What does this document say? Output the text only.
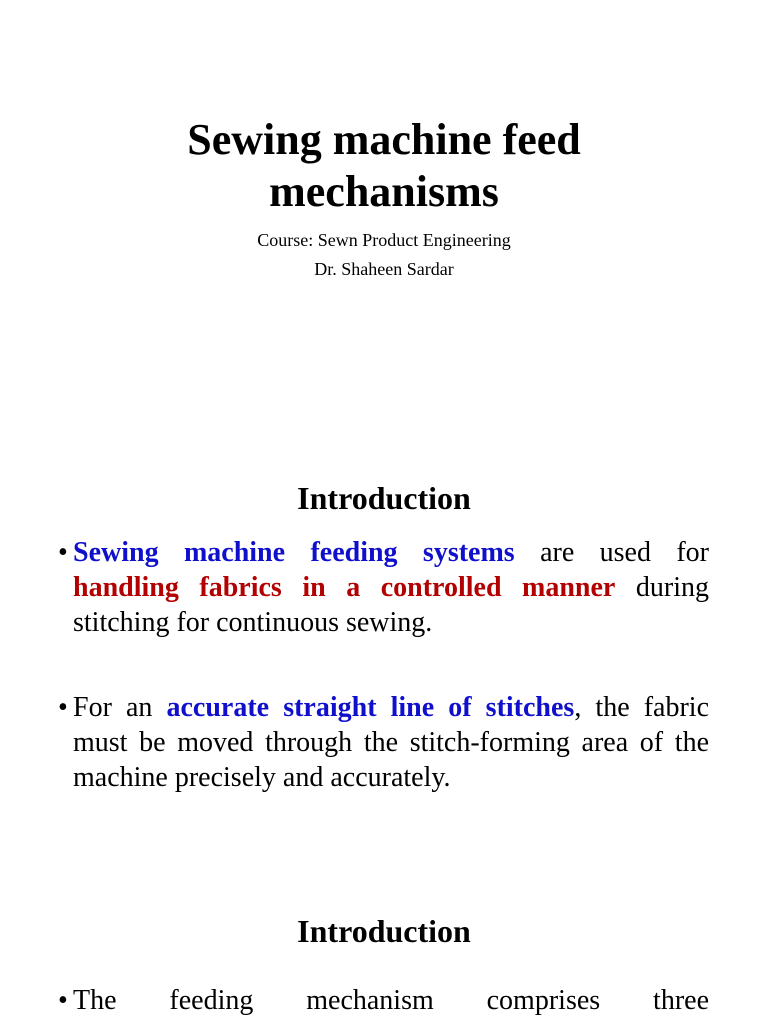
Sewing machine feed
mechanisms
Course: Sewn Product Engineering
Dr. Shaheen Sardar
Introduction
• Sewing machine feeding systems are used for handling fabrics in a controlled manner during stitching for continuous sewing.
• For an accurate straight line of stitches, the fabric must be moved through the stitch-forming area of the machine precisely and accurately.
Introduction
• The feeding mechanism comprises three
